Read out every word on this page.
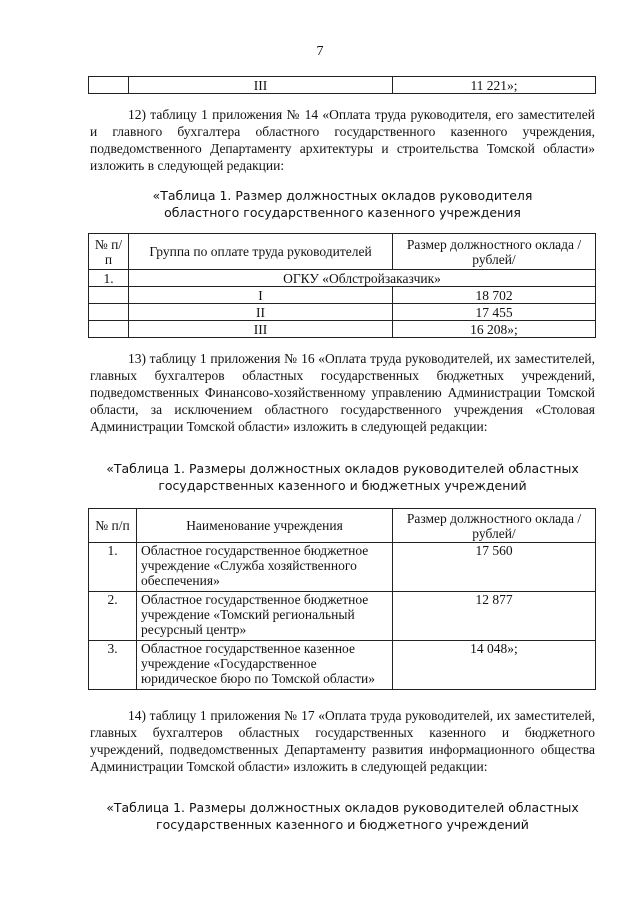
7
	III	11 221»;

12) таблицу 1 приложения № 14 «Оплата труда руководителя, его заместителей и главного бухгалтера областного государственного казенного учреждения, подведомственного Департаменту архитектуры и строительства Томской области» изложить в следующей редакции:

«Таблица 1. Размер должностных окладов руководителя
областного государственного казенного учреждения
№ п/п	Группа по оплате труда руководителей	Размер должностного оклада /рублей/
1.	ОГКУ «Облстройзаказчик»	
	I	18 702
	II	17 455
	III	16 208»;

13) таблицу 1 приложения № 16 «Оплата труда руководителей, их заместителей, главных бухгалтеров областных государственных бюджетных учреждений, подведомственных Финансово-хозяйственному управлению Администрации Томской области, за исключением областного государственного учреждения «Столовая Администрации Томской области» изложить в следующей редакции:

«Таблица 1. Размеры должностных окладов руководителей областных
государственных казенного и бюджетных учреждений
№ п/п	Наименование учреждения	Размер должностного оклада /рублей/
1.	Областное государственное бюджетное учреждение «Служба хозяйственного обеспечения»	17 560
2.	Областное государственное бюджетное учреждение «Томский региональный ресурсный центр»	12 877
3.	Областное государственное казенное учреждение «Государственное юридическое бюро по Томской области»	14 048»;

14) таблицу 1 приложения № 17 «Оплата труда руководителей, их заместителей, главных бухгалтеров областных государственных казенного и бюджетного учреждений, подведомственных Департаменту развития информационного общества Администрации Томской области» изложить в следующей редакции:

«Таблица 1. Размеры должностных окладов руководителей областных
государственных казенного и бюджетного учреждений
